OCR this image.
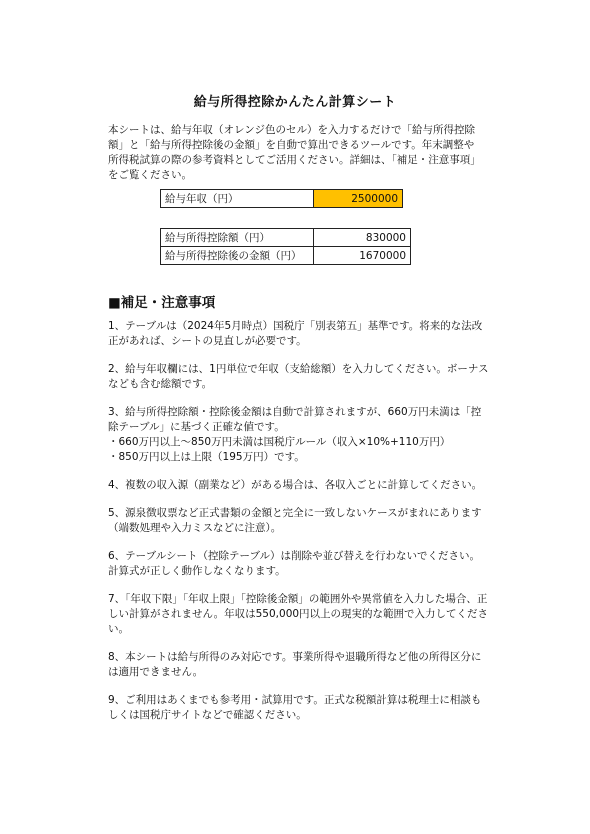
給与所得控除かんたん計算シート
本シートは、給与年収（オレンジ色のセル）を入力するだけで「給与所得控除額」と「給与所得控除後の金額」を自動で算出できるツールです。年末調整や所得税試算の際の参考資料としてご活用ください。詳細は、「補足・注意事項」をご覧ください。
給与年収（円）	2500000
給与所得控除額（円）	830000
給与所得控除後の金額（円）	1670000
■補足・注意事項

1、テーブルは（2024年5月時点）国税庁「別表第五」基準です。将来的な法改正があれば、シートの見直しが必要です。

2、給与年収欄には、1円単位で年収（支給総額）を入力してください。ボーナスなども含む総額です。

3、給与所得控除額・控除後金額は自動で計算されますが、660万円未満は「控除テーブル」に基づく正確な値です。
・660万円以上～850万円未満は国税庁ルール（収入×10%+110万円）
・850万円以上は上限（195万円）です。

4、複数の収入源（副業など）がある場合は、各収入ごとに計算してください。

5、源泉徴収票など正式書類の金額と完全に一致しないケースがまれにあります（端数処理や入力ミスなどに注意）。

6、テーブルシート（控除テーブル）は削除や並び替えを行わないでください。計算式が正しく動作しなくなります。

7、「年収下限」「年収上限」「控除後金額」の範囲外や異常値を入力した場合、正しい計算がされません。年収は550,000円以上の現実的な範囲で入力してください。

8、本シートは給与所得のみ対応です。事業所得や退職所得など他の所得区分には適用できません。

9、ご利用はあくまでも参考用・試算用です。正式な税額計算は税理士に相談もしくは国税庁サイトなどで確認ください。
